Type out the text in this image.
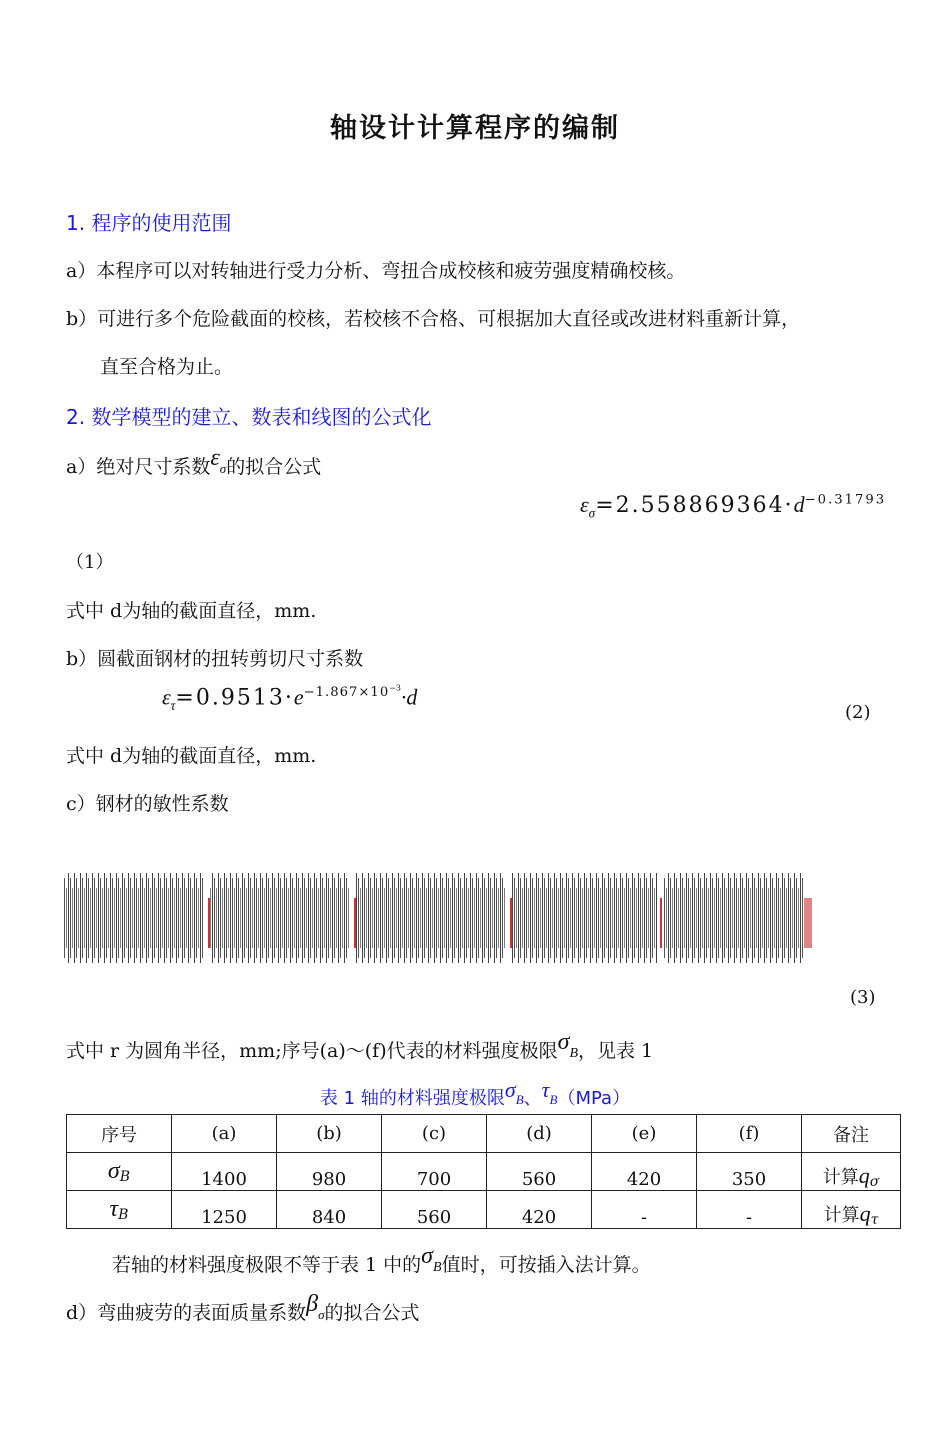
轴设计计算程序的编制
1. 程序的使用范围
a）本程序可以对转轴进行受力分析、弯扭合成校核和疲劳强度精确校核。
b）可进行多个危险截面的校核，若校核不合格、可根据加大直径或改进材料重新计算，
直至合格为止。
2. 数学模型的建立、数表和线图的公式化
a）绝对尺寸系数εσ的拟合公式
$\varepsilon_\sigma=2.558869364\cdot d^{-0.31793}$
（1）
式中 d为轴的截面直径，mm.
b）圆截面钢材的扭转剪切尺寸系数
$\varepsilon_\tau=0.9513\cdot e^{-1.867\times 10^{-3}}\cdot d$
(2)
式中 d为轴的截面直径，mm.
c）钢材的敏性系数
(3)
式中 r 为圆角半径，mm;序号(a)～(f)代表的材料强度极限σB，见表 1
表 1 轴的材料强度极限σB、τB（MPa）
序号	(a)	(b)	(c)	(d)	(e)	(f)	备注
σB	1400	980	700	560	420	350	计算qσ
τB	1250	840	560	420	-	-	计算qτ
若轴的材料强度极限不等于表 1 中的σB值时，可按插入法计算。
d）弯曲疲劳的表面质量系数βσ的拟合公式
